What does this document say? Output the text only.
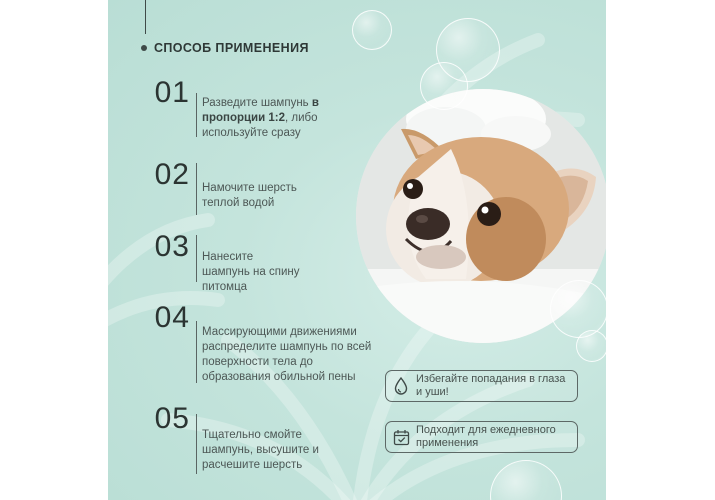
СПОСОБ ПРИМЕНЕНИЯ
01 Разведите шампунь в пропорции 1:2, либо используйте сразу
02 Намочите шерсть теплой водой
03 Нанесите шампунь на спину питомца
04 Массирующими движениями распределите шампунь по всей поверхности тела до образования обильной пены
05 Тщательно смойте шампунь, высушите и расчешите шерсть
Избегайте попадания в глаза и уши!
Подходит для ежедневного применения
